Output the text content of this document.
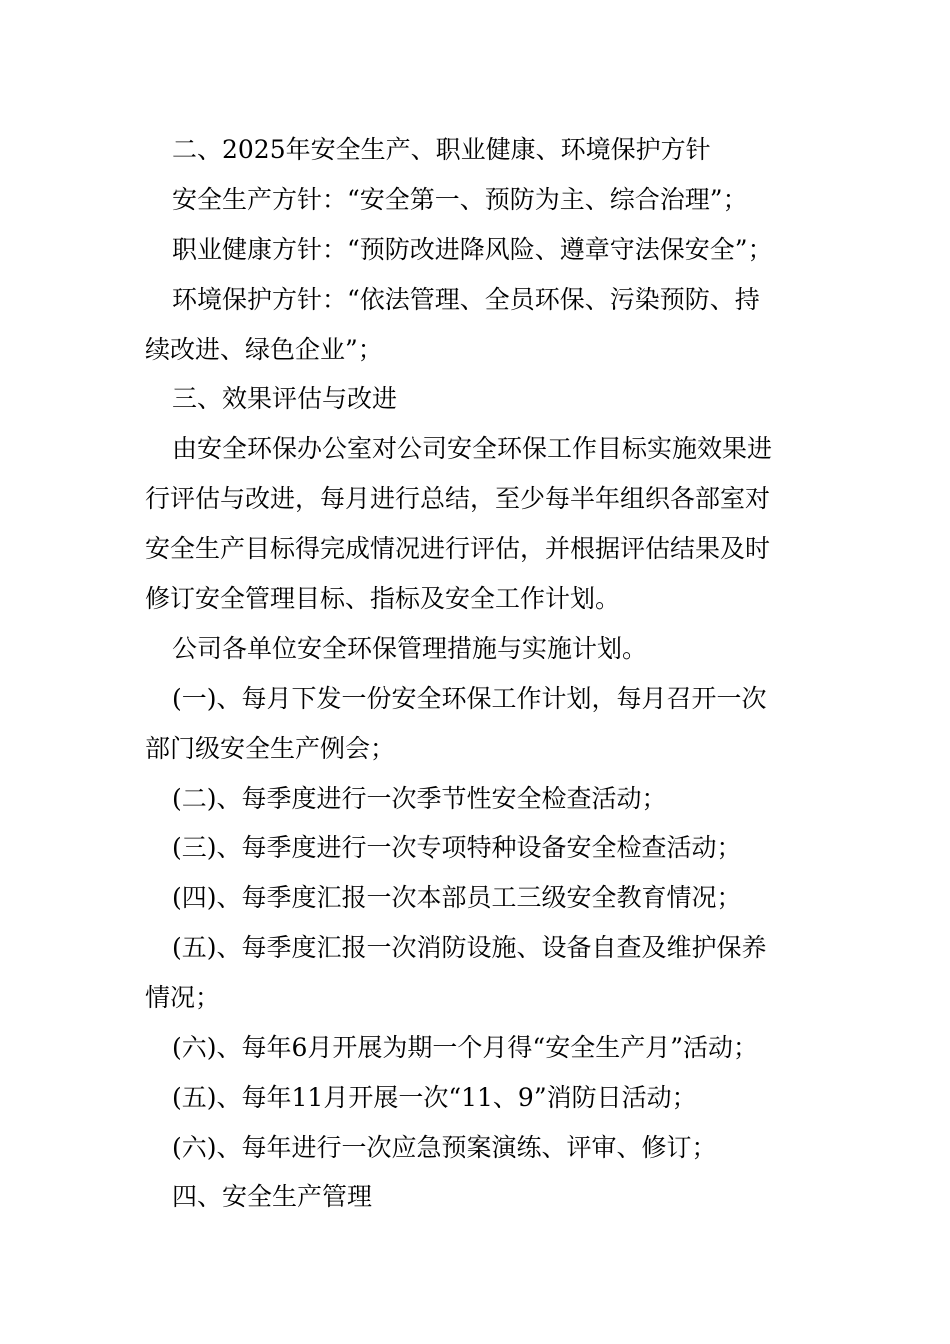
二、2025年安全生产、职业健康、环境保护方针
安全生产方针：“安全第一、预防为主、综合治理”；
职业健康方针：“预防改进降风险、遵章守法保安全”；
环境保护方针：“依法管理、全员环保、污染预防、持
续改进、绿色企业”；
三、效果评估与改进
由安全环保办公室对公司安全环保工作目标实施效果进
行评估与改进，每月进行总结，至少每半年组织各部室对
安全生产目标得完成情况进行评估，并根据评估结果及时
修订安全管理目标、指标及安全工作计划。
公司各单位安全环保管理措施与实施计划。
(一)、每月下发一份安全环保工作计划，每月召开一次
部门级安全生产例会；
(二)、每季度进行一次季节性安全检查活动；
(三)、每季度进行一次专项特种设备安全检查活动；
(四)、每季度汇报一次本部员工三级安全教育情况；
(五)、每季度汇报一次消防设施、设备自查及维护保养
情况；
(六)、每年6月开展为期一个月得“安全生产月”活动；
(五)、每年11月开展一次“11、9”消防日活动；
(六)、每年进行一次应急预案演练、评审、修订；
四、安全生产管理
